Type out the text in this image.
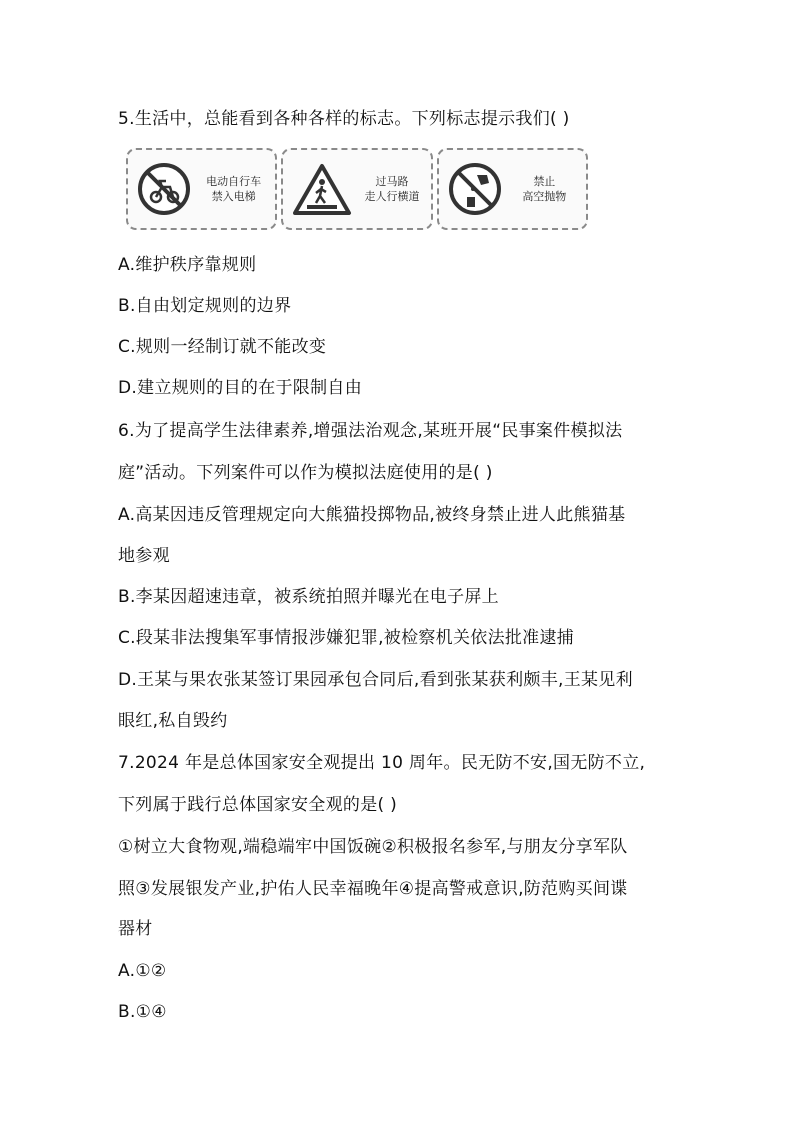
5.生活中，总能看到各种各样的标志。下列标志提示我们( )
电动自行车
禁入电梯
过马路
走人行横道
禁止
高空抛物
A.维护秩序靠规则
B.自由划定规则的边界
C.规则一经制订就不能改变
D.建立规则的目的在于限制自由
6.为了提高学生法律素养,增强法治观念,某班开展“民事案件模拟法
庭”活动。下列案件可以作为模拟法庭使用的是( )
A.高某因违反管理规定向大熊猫投掷物品,被终身禁止进人此熊猫基
地参观
B.李某因超速违章，被系统拍照并曝光在电子屏上
C.段某非法搜集军事情报涉嫌犯罪,被检察机关依法批准逮捕
D.王某与果农张某签订果园承包合同后,看到张某获利颇丰,王某见利
眼红,私自毁约
7.2024 年是总体国家安全观提出 10 周年。民无防不安,国无防不立,
下列属于践行总体国家安全观的是( )
①树立大食物观,端稳端牢中国饭碗②积极报名参军,与朋友分享军队
照③发展银发产业,护佑人民幸福晚年④提高警戒意识,防范购买间谍
器材
A.①②
B.①④
